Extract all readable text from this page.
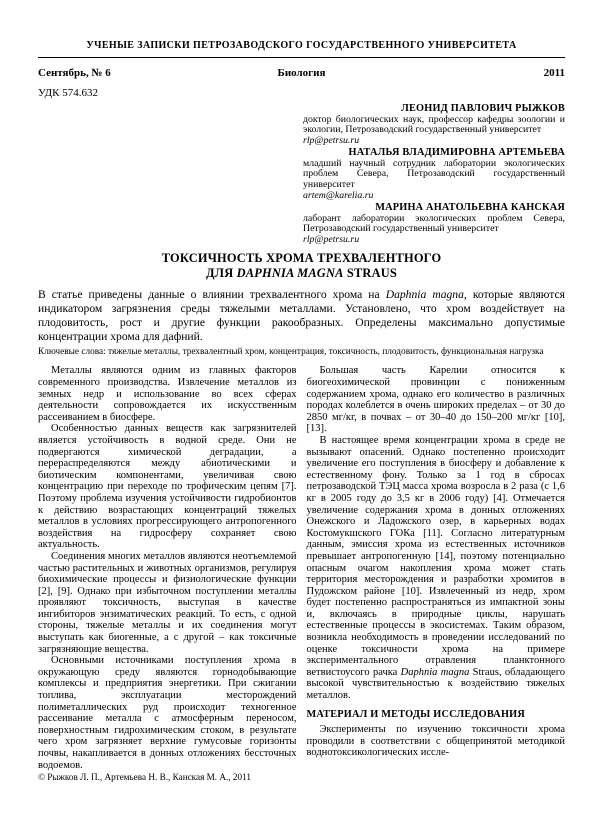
УЧЕНЫЕ ЗАПИСКИ ПЕТРОЗАВОДСКОГО ГОСУДАРСТВЕННОГО УНИВЕРСИТЕТА
Сентябрь, № 6	Биология	2011
УДК 574.632
ЛЕОНИД ПАВЛОВИЧ РЫЖКОВ
доктор биологических наук, профессор кафедры зоологии и экологии, Петрозаводский государственный университет
rlp@petrsu.ru
НАТАЛЬЯ ВЛАДИМИРОВНА АРТЕМЬЕВА
младший научный сотрудник лаборатории экологических проблем Севера, Петрозаводский государственный университет
artem@karelia.ru
МАРИНА АНАТОЛЬЕВНА КАНСКАЯ
лаборант лаборатории экологических проблем Севера, Петрозаводский государственный университет
rlp@petrsu.ru
ТОКСИЧНОСТЬ ХРОМА ТРЕХВАЛЕНТНОГО
ДЛЯ DAPHNIA MAGNA STRAUS
В статье приведены данные о влиянии трехвалентного хрома на Daphnia magna, которые являются индикатором загрязнения среды тяжелыми металлами. Установлено, что хром воздействует на плодовитость, рост и другие функции ракообразных. Определены максимально допустимые концентрации хрома для дафний.
Ключевые слова: тяжелые металлы, трехвалентный хром, концентрация, токсичность, плодовитость, функциональная нагрузка

Металлы являются одним из главных факторов современного производства. Извлечение металлов из земных недр и использование во всех сферах деятельности сопровождается их искусственным рассеиванием в биосфере.

Особенностью данных веществ как загрязнителей является устойчивость в водной среде. Они не подвергаются химической деградации, а перераспределяются между абиотическими и биотическим компонентами, увеличивая свою концентрацию при переходе по трофическим цепям [7]. Поэтому проблема изучения устойчивости гидробионтов к действию возрастающих концентраций тяжелых металлов в условиях прогрессирующего антропогенного воздействия на гидросферу сохраняет свою актуальность.

Соединения многих металлов являются неотъемлемой частью растительных и животных организмов, регулируя биохимические процессы и физиологические функции [2], [9]. Однако при избыточном поступлении металлы проявляют токсичность, выступая в качестве ингибиторов энзиматических реакций. То есть, с одной стороны, тяжелые металлы и их соединения могут выступать как биогенные, а с другой – как токсичные загрязняющие вещества.

Основными источниками поступления хрома в окружающую среду являются горнодобывающие комплексы и предприятия энергетики. При сжигании топлива, эксплуатации месторождений полиметаллических руд происходит техногенное рассеивание металла с атмосферным переносом, поверхностным гидрохимическим стоком, в результате чего хром загрязняет верхние гумусовые горизонты почвы, накапливается в донных отложениях бессточных водоемов.

© Рыжков Л. П., Артемьева Н. В., Канская М. А., 2011

Большая часть Карелии относится к биогеохимической провинции с пониженным содержанием хрома, однако его количество в различных породах колеблется в очень широких пределах – от 30 до 2850 мг/кг, в почвах – от 30–40 до 150–200 мг/кг [10], [13].

В настоящее время концентрации хрома в среде не вызывают опасений. Однако постепенно происходит увеличение его поступления в биосферу и добавление к естественному фону. Только за 1 год в сбросах петрозаводской ТЭЦ масса хрома возросла в 2 раза (с 1,6 кг в 2005 году до 3,5 кг в 2006 году) [4]. Отмечается увеличение содержания хрома в донных отложениях Онежского и Ладожского озер, в карьерных водах Костомукшского ГОКа [11]. Согласно литературным данным, эмиссия хрома из естественных источников превышает антропогенную [14], поэтому потенциально опасным очагом накопления хрома может стать территория месторождения и разработки хромитов в Пудожском районе [10]. Извлеченный из недр, хром будет постепенно распространяться из импактной зоны и, включаясь в природные циклы, нарушать естественные процессы в экосистемах. Таким образом, возникла необходимость в проведении исследований по оценке токсичности хрома на примере экспериментального отравления планктонного ветвистоусого рачка Daphnia magna Straus, обладающего высокой чувствительностью к воздействию тяжелых металлов.

МАТЕРИАЛ И МЕТОДЫ ИССЛЕДОВАНИЯ

Эксперименты по изучению токсичности хрома проводили в соответствии с общепринятой методикой воднотоксикологических иссле-
